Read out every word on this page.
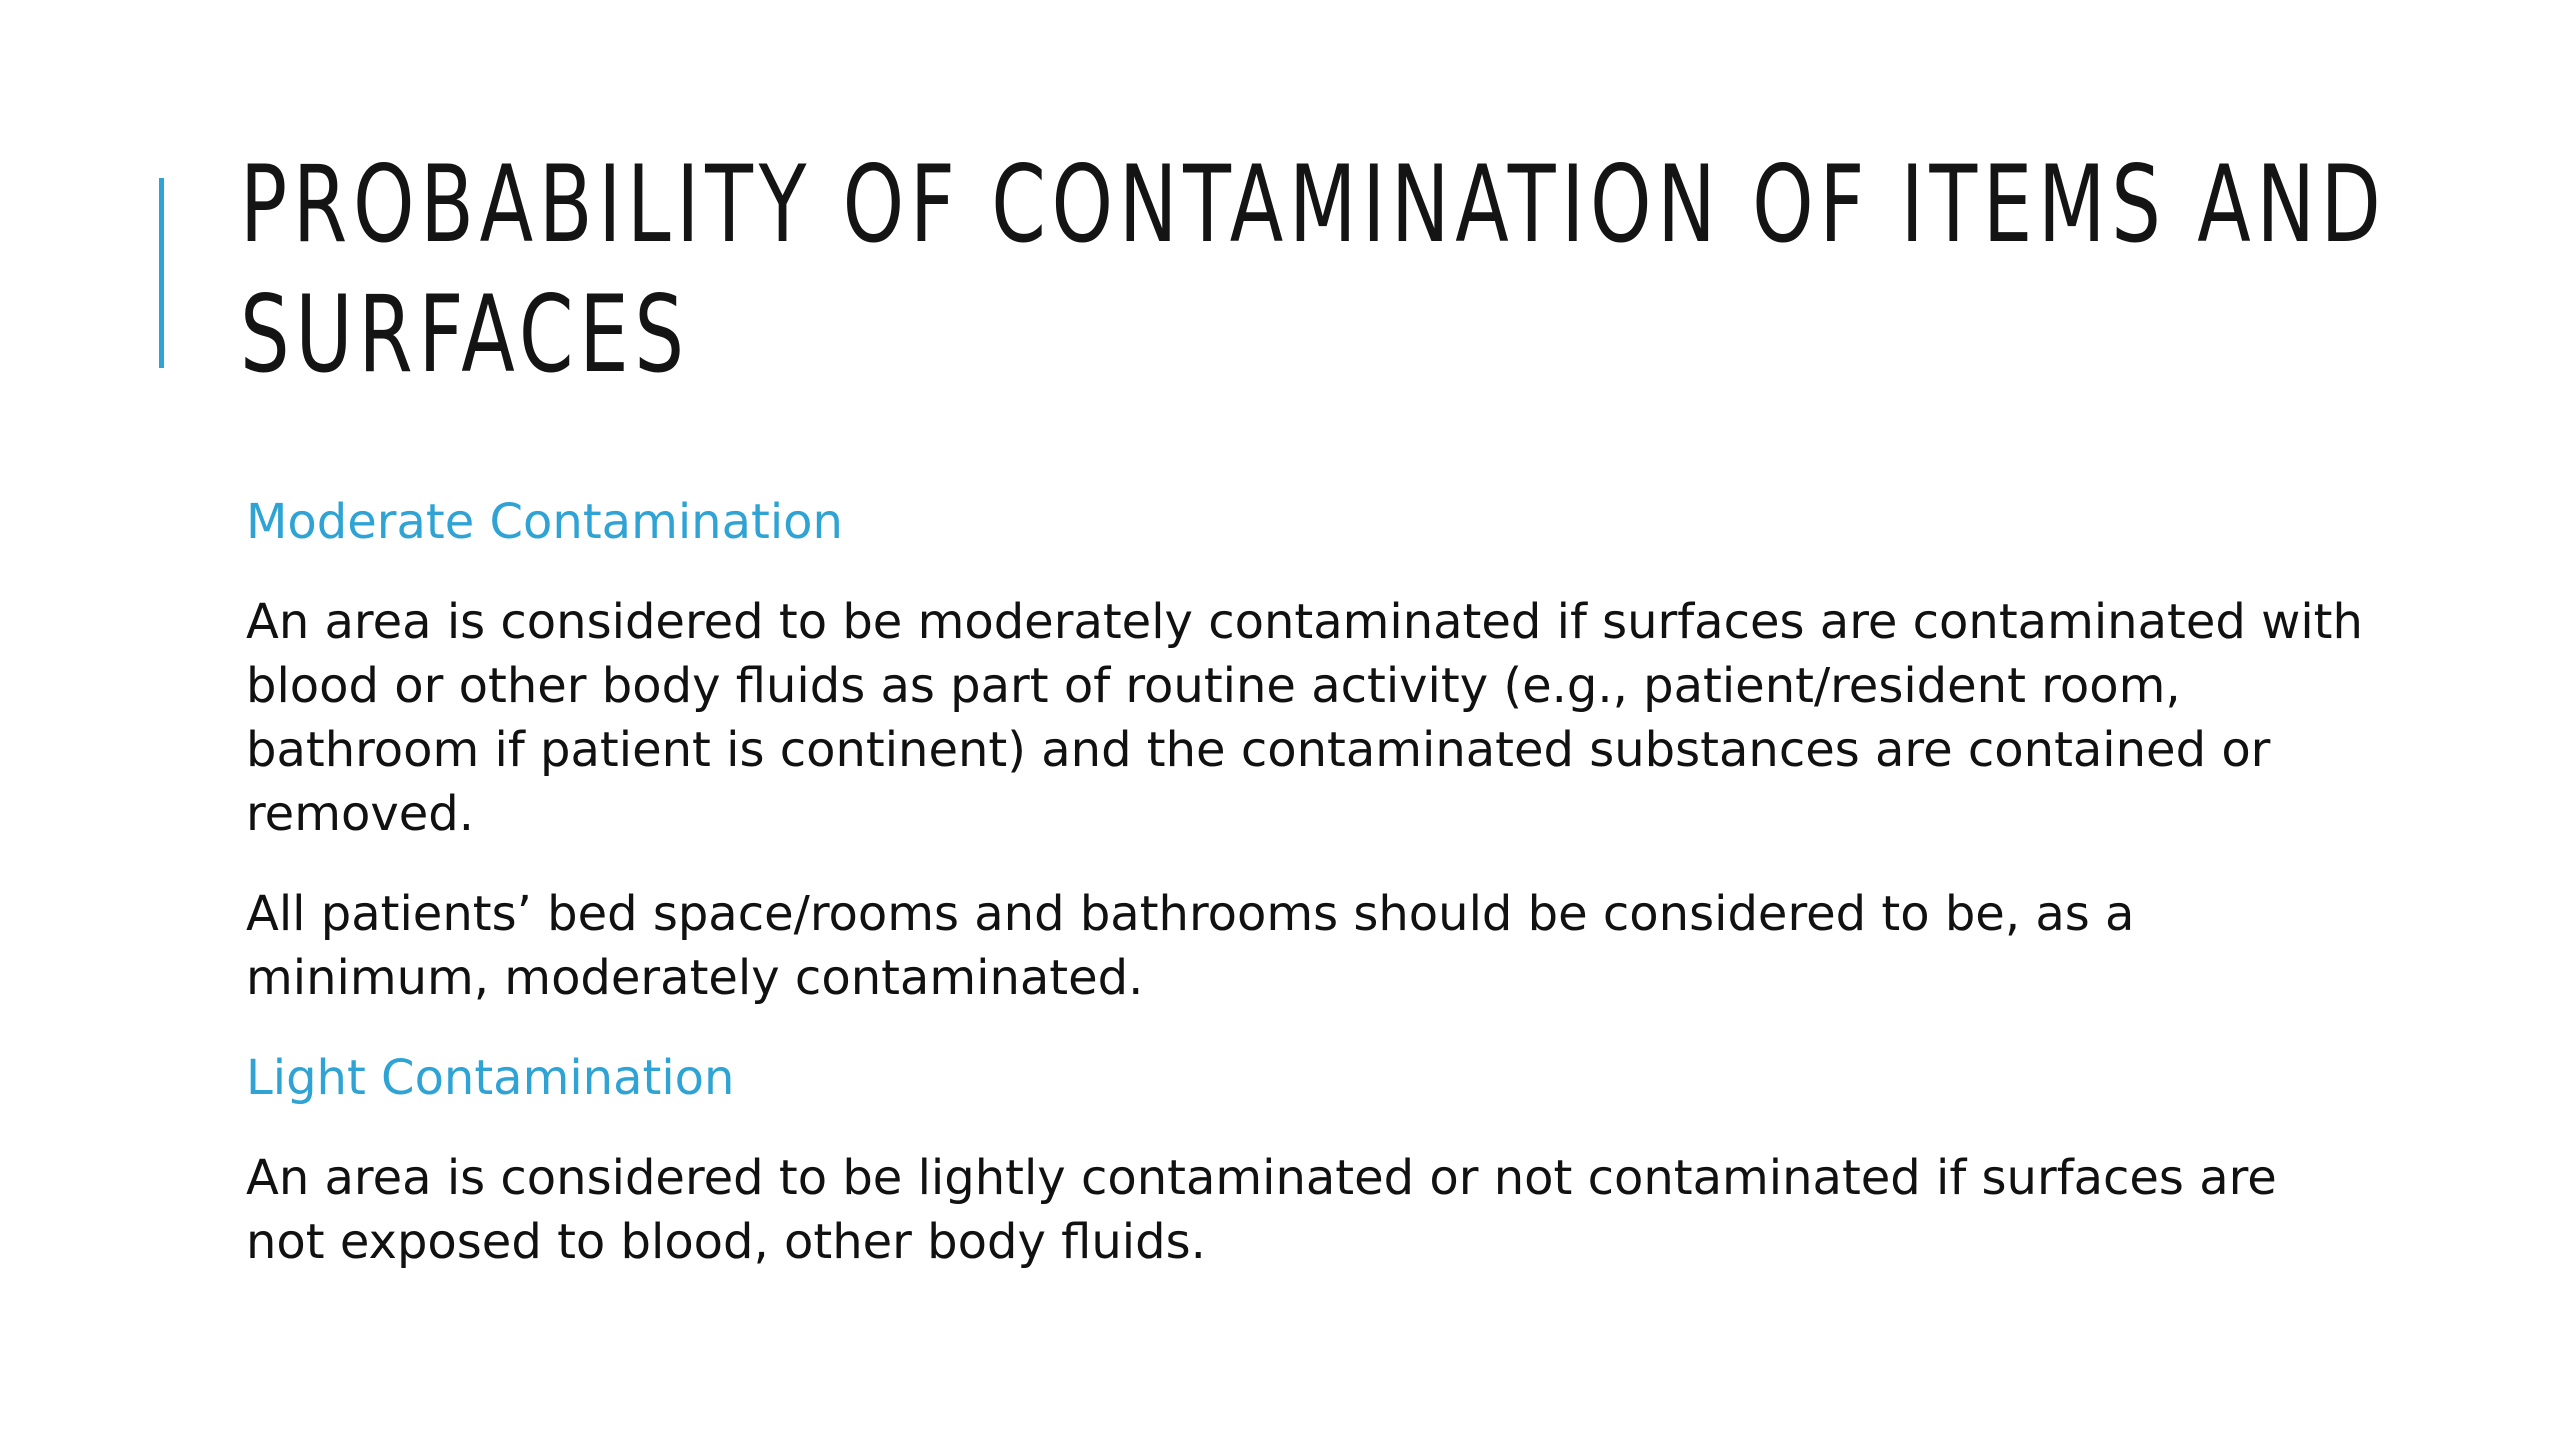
PROBABILITY OF CONTAMINATION OF ITEMS AND
SURFACES

Moderate Contamination

An area is considered to be moderately contaminated if surfaces are contaminated with blood or other body fluids as part of routine activity (e.g., patient/resident room, bathroom if patient is continent) and the contaminated substances are contained or removed.

All patients’ bed space/rooms and bathrooms should be considered to be, as a minimum, moderately contaminated.

Light Contamination

An area is considered to be lightly contaminated or not contaminated if surfaces are not exposed to blood, other body fluids.
